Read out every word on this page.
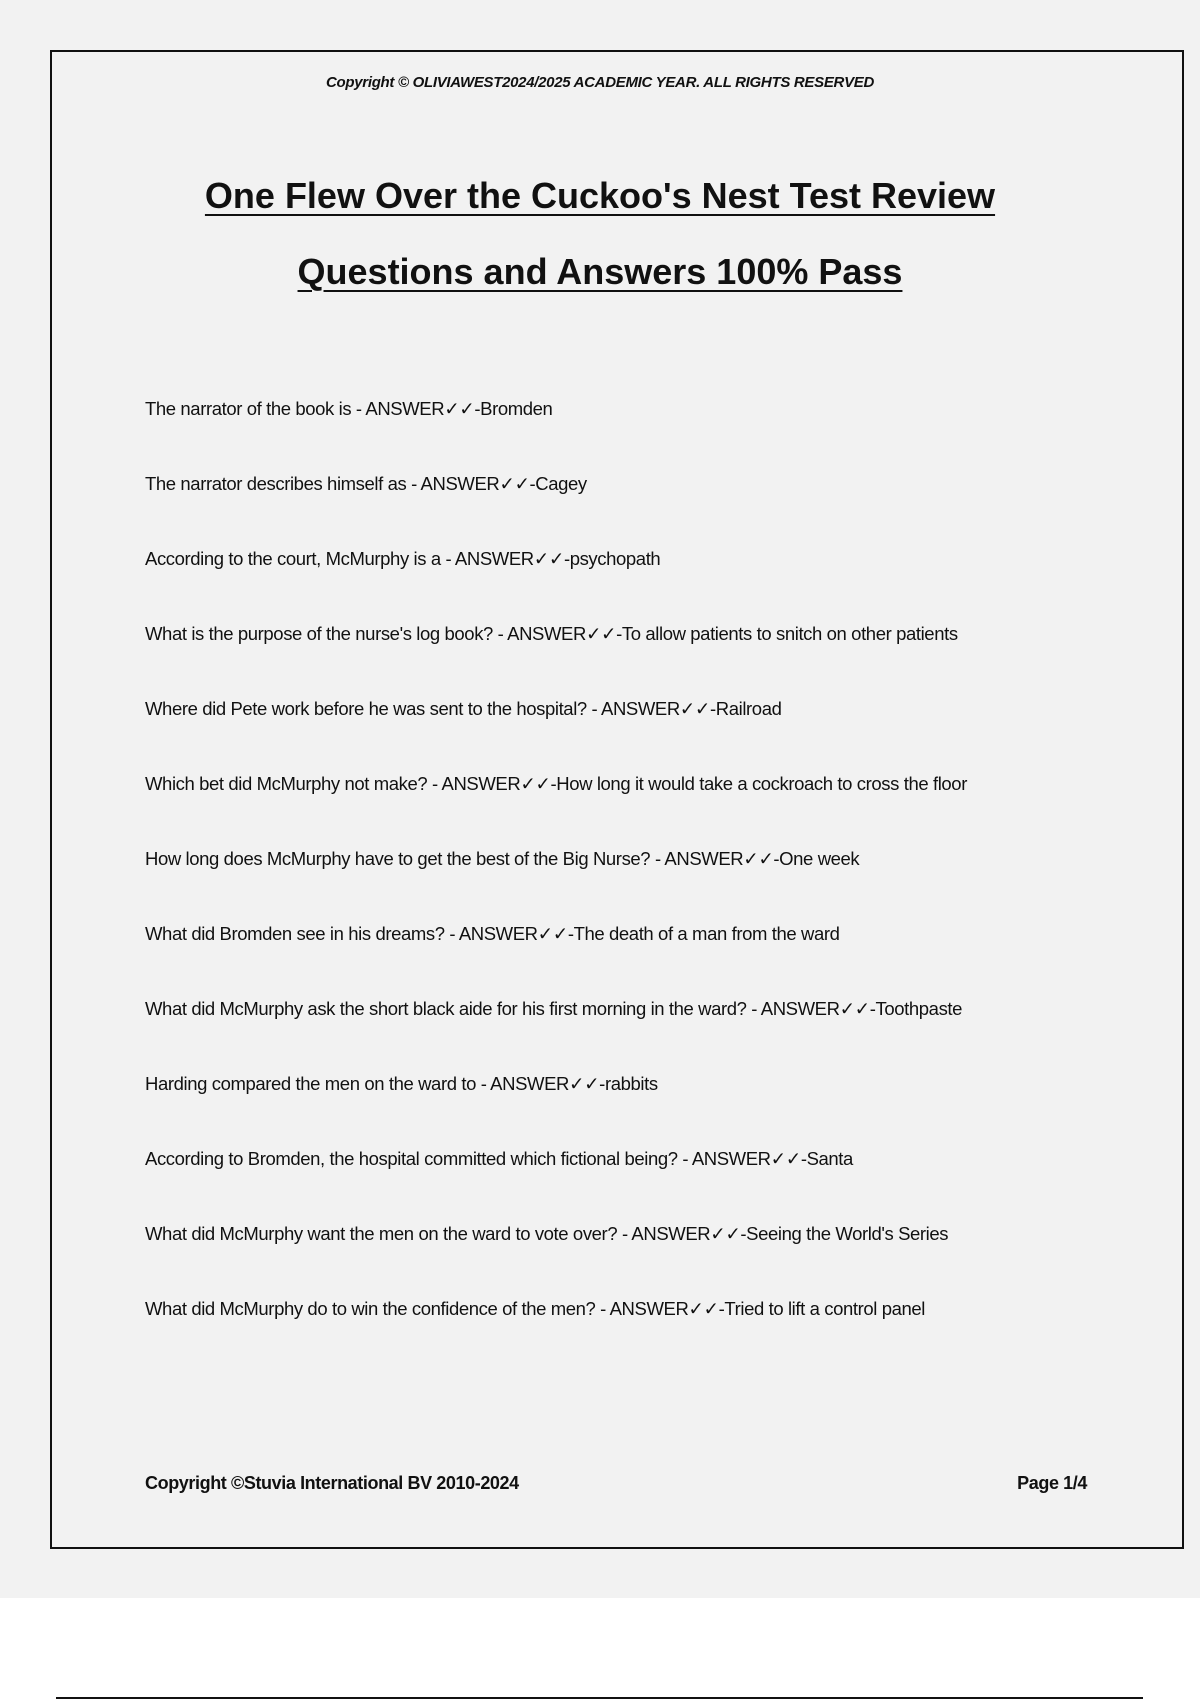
Copyright © OLIVIAWEST2024/2025 ACADEMIC YEAR. ALL RIGHTS RESERVED
One Flew Over the Cuckoo's Nest Test Review
Questions and Answers 100% Pass
The narrator of the book is - ANSWER✓✓-Bromden
The narrator describes himself as - ANSWER✓✓-Cagey
According to the court, McMurphy is a - ANSWER✓✓-psychopath
What is the purpose of the nurse's log book? - ANSWER✓✓-To allow patients to snitch on other patients
Where did Pete work before he was sent to the hospital? - ANSWER✓✓-Railroad
Which bet did McMurphy not make? - ANSWER✓✓-How long it would take a cockroach to cross the floor
How long does McMurphy have to get the best of the Big Nurse? - ANSWER✓✓-One week
What did Bromden see in his dreams? - ANSWER✓✓-The death of a man from the ward
What did McMurphy ask the short black aide for his first morning in the ward? - ANSWER✓✓-Toothpaste
Harding compared the men on the ward to - ANSWER✓✓-rabbits
According to Bromden, the hospital committed which fictional being? - ANSWER✓✓-Santa
What did McMurphy want the men on the ward to vote over? - ANSWER✓✓-Seeing the World's Series
What did McMurphy do to win the confidence of the men? - ANSWER✓✓-Tried to lift a control panel
Copyright ©Stuvia International BV 2010-2024	Page 1/4
